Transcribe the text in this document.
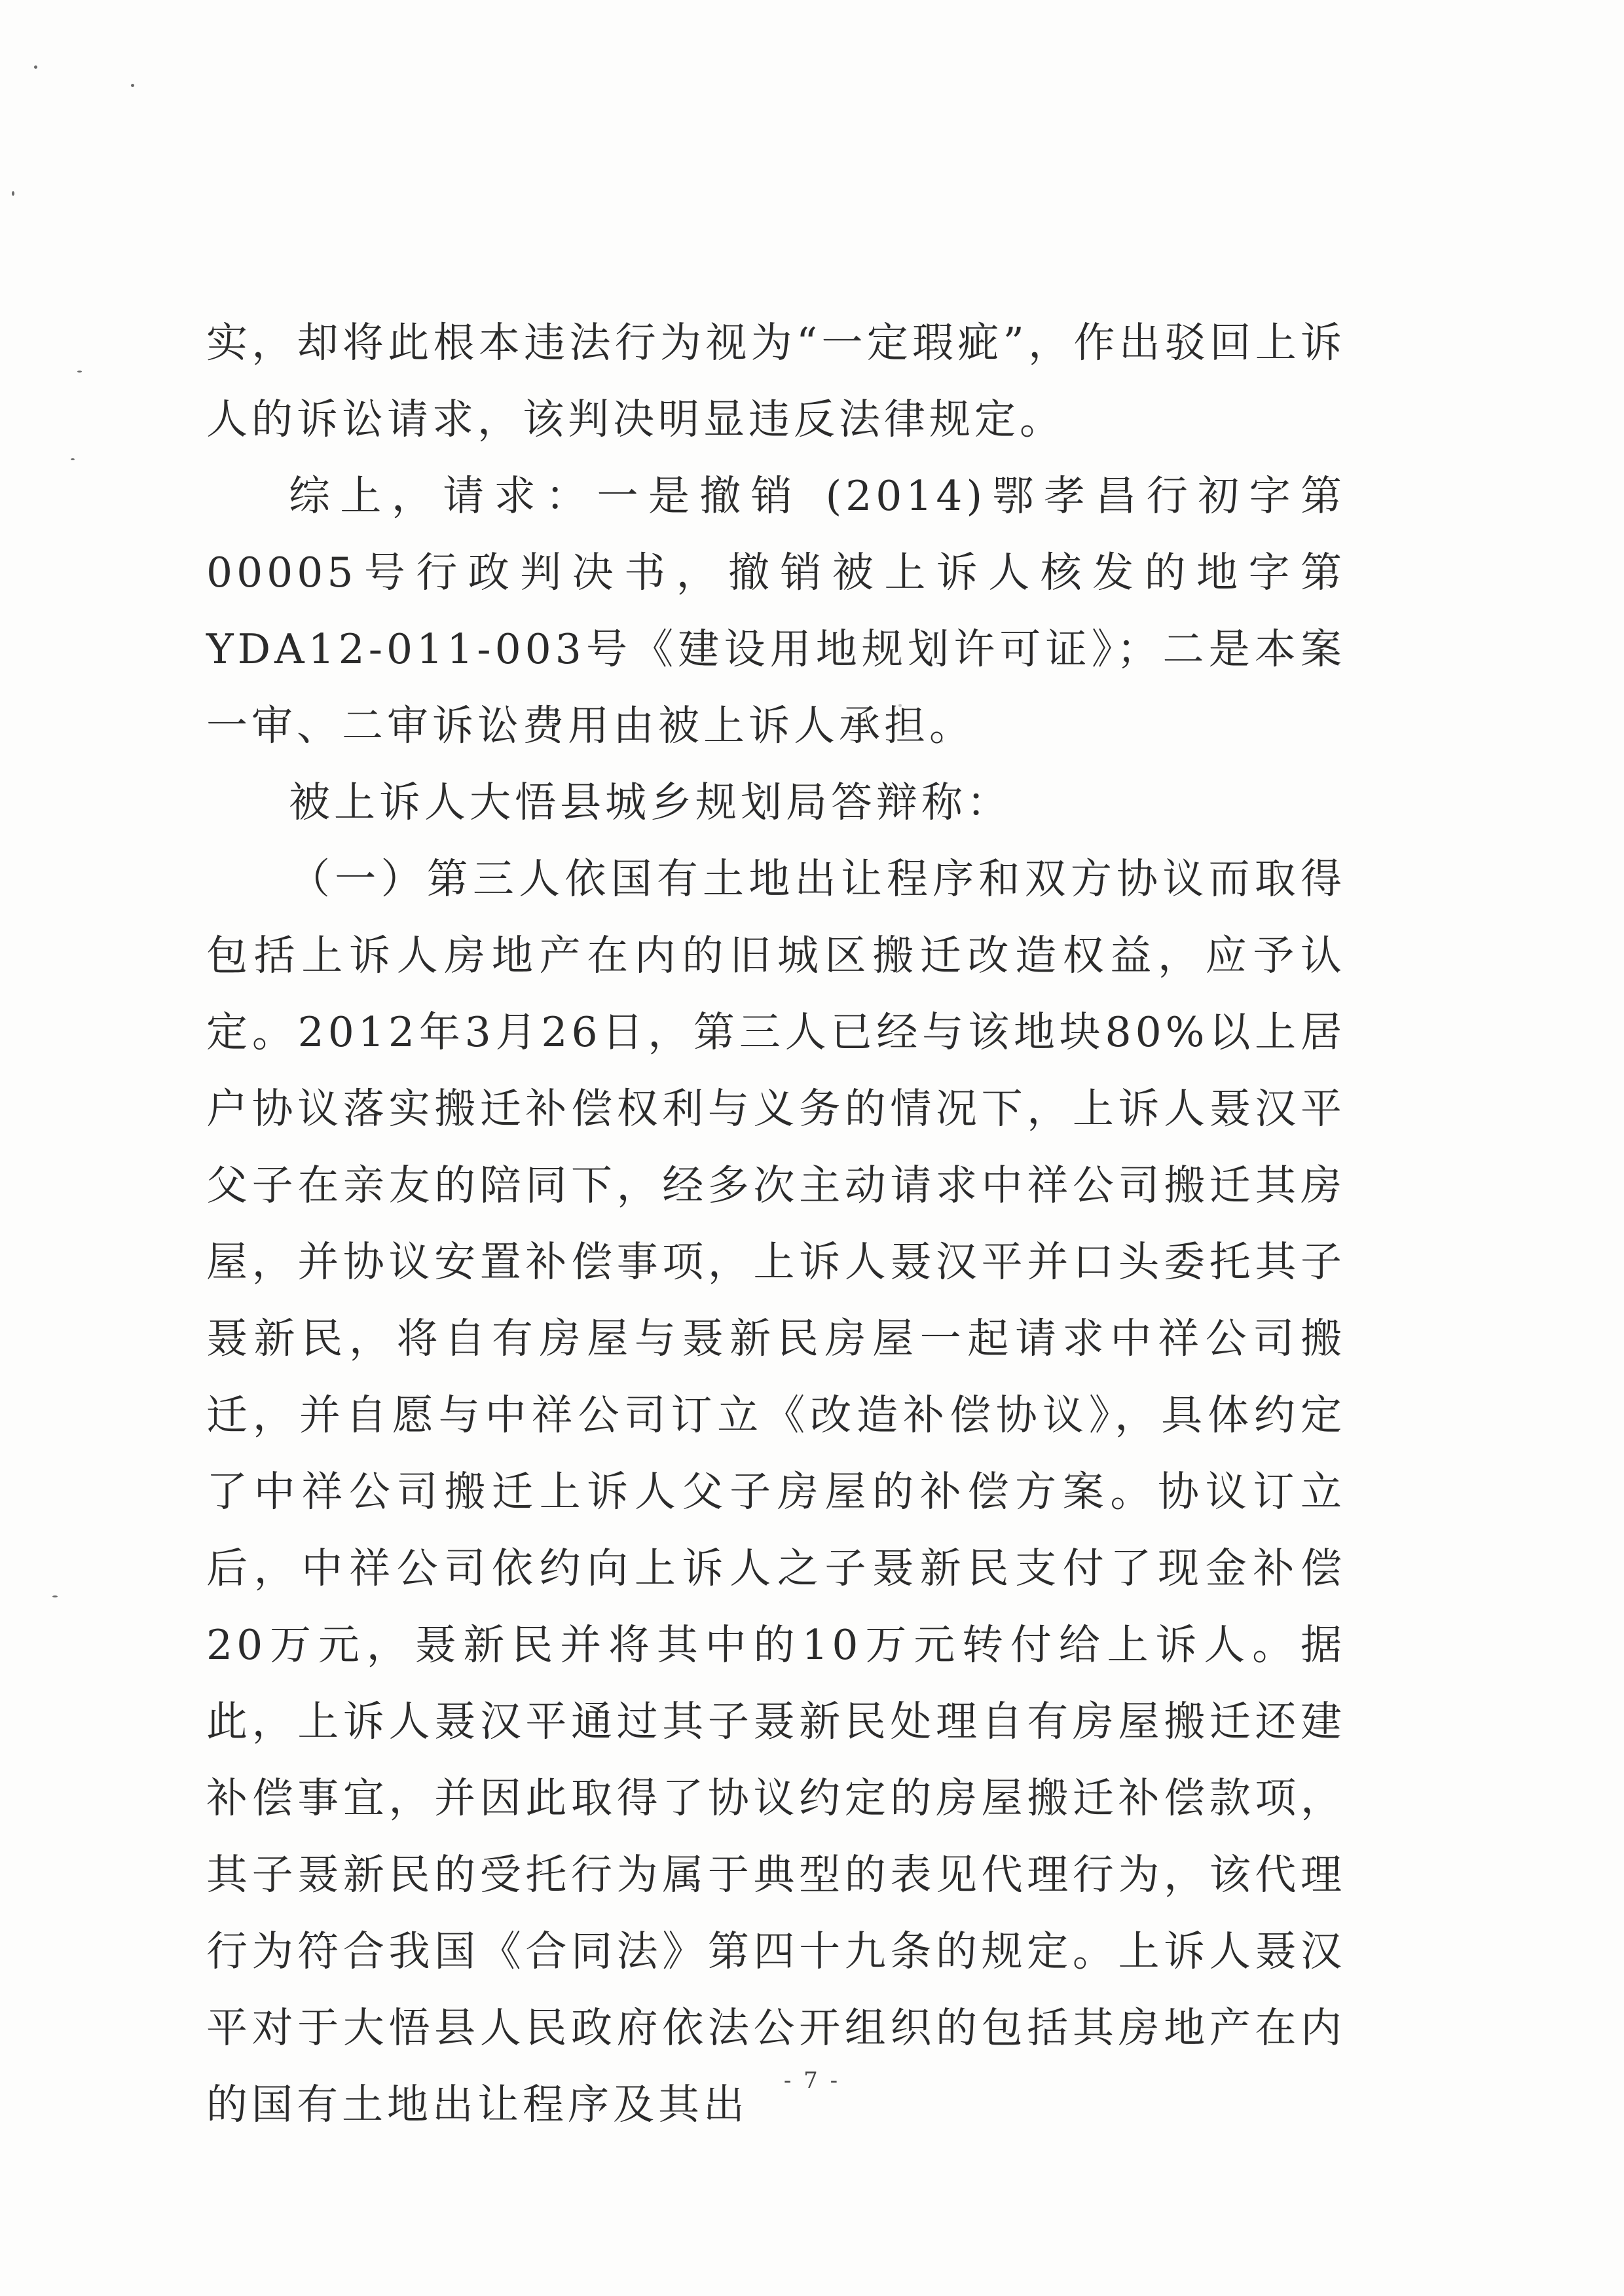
实，却将此根本违法行为视为“一定瑕疵”，作出驳回上诉人的诉讼请求，该判决明显违反法律规定。

综上，请求：一是撤销 (2014)鄂孝昌行初字第00005号行政判决书，撤销被上诉人核发的地字第 YDA12-011-003号《建设用地规划许可证》；二是本案一审、二审诉讼费用由被上诉人承担。

被上诉人大悟县城乡规划局答辩称：

（一）第三人依国有土地出让程序和双方协议而取得包括上诉人房地产在内的旧城区搬迁改造权益，应予认定。2012年3月26日，第三人已经与该地块80%以上居户协议落实搬迁补偿权利与义务的情况下，上诉人聂汉平父子在亲友的陪同下，经多次主动请求中祥公司搬迁其房屋，并协议安置补偿事项，上诉人聂汉平并口头委托其子聂新民，将自有房屋与聂新民房屋一起请求中祥公司搬迁，并自愿与中祥公司订立《改造补偿协议》，具体约定了中祥公司搬迁上诉人父子房屋的补偿方案。协议订立后，中祥公司依约向上诉人之子聂新民支付了现金补偿20万元，聂新民并将其中的10万元转付给上诉人。据此，上诉人聂汉平通过其子聂新民处理自有房屋搬迁还建补偿事宜，并因此取得了协议约定的房屋搬迁补偿款项，其子聂新民的受托行为属于典型的表见代理行为，该代理行为符合我国《合同法》第四十九条的规定。上诉人聂汉平对于大悟县人民政府依法公开组织的包括其房地产在内的国有土地出让程序及其出	- 7 -
